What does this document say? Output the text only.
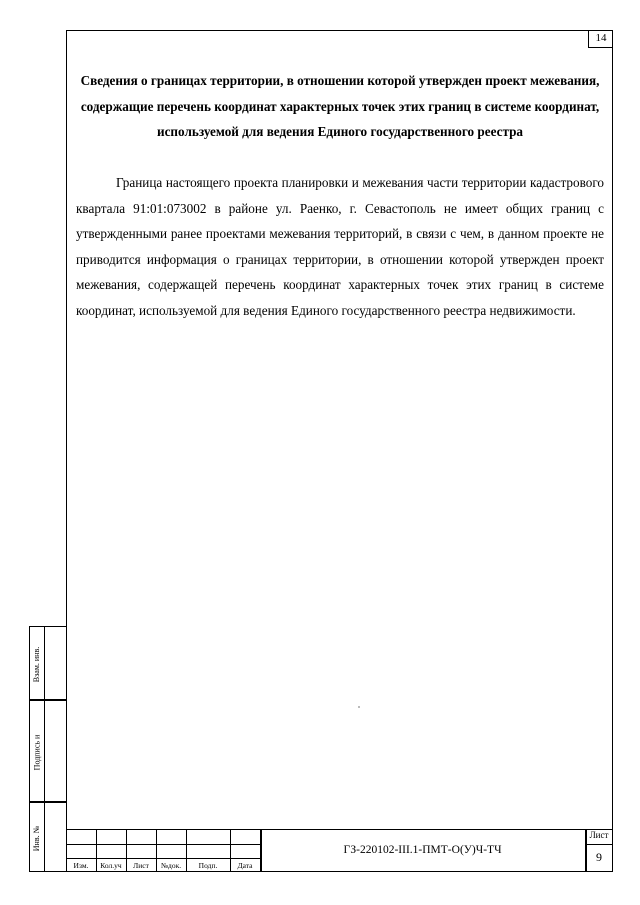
14
Сведения о границах территории, в отношении которой утвержден проект межевания, содержащие перечень координат характерных точек этих границ в системе координат, используемой для ведения Единого государственного реестра

Граница настоящего проекта планировки и межевания части территории кадастрового квартала 91:01:073002 в районе ул. Раенко, г. Севастополь не имеет общих границ с утвержденными ранее проектами межевания территорий, в связи с чем, в данном проекте не приводится информация о границах территории, в отношении которой утвержден проект межевания, содержащей перечень координат характерных точек этих границ в системе координат, используемой для ведения Единого государственного реестра недвижимости.

Взам. инв.
Подпись и
Инв. №
Изм.	Кол.уч	Лист	№док.	Подп.	Дата
ГЗ-220102-III.1-ПМТ-О(У)Ч-ТЧ
Лист
9
